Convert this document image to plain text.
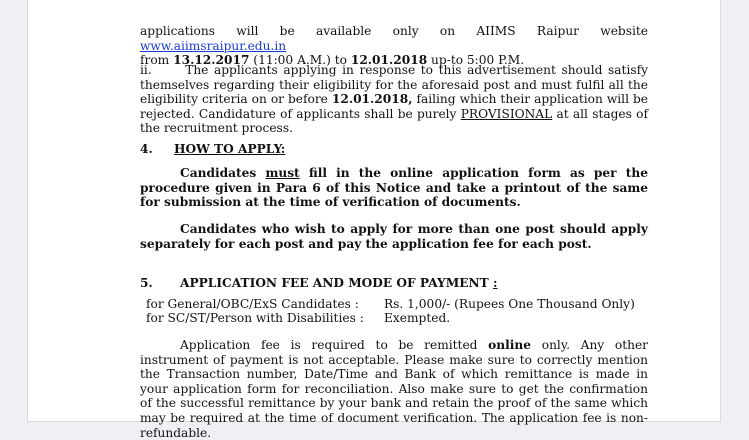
applications will be available only on AIIMS Raipur website www.aiimsraipur.edu.in
from 13.12.2017 (11:00 A.M.) to 12.01.2018 up-to 5:00 P.M.
ii.	The applicants applying in response to this advertisement should satisfy themselves regarding their eligibility for the aforesaid post and must fulfil all the eligibility criteria on or before 12.01.2018, failing which their application will be rejected. Candidature of applicants shall be purely PROVISIONAL at all stages of the recruitment process.
4. HOW TO APPLY:
Candidates must fill in the online application form as per the procedure given in Para 6 of this Notice and take a printout of the same for submission at the time of verification of documents.
Candidates who wish to apply for more than one post should apply separately for each post and pay the application fee for each post.
5. APPLICATION FEE AND MODE OF PAYMENT :
for General/OBC/ExS Candidates : Rs. 1,000/- (Rupees One Thousand Only)
for SC/ST/Person with Disabilities : Exempted.
Application fee is required to be remitted online only. Any other instrument of payment is not acceptable. Please make sure to correctly mention the Transaction number, Date/Time and Bank of which remittance is made in your application form for reconciliation. Also make sure to get the confirmation of the successful remittance by your bank and retain the proof of the same which may be required at the time of document verification. The application fee is non-refundable.
